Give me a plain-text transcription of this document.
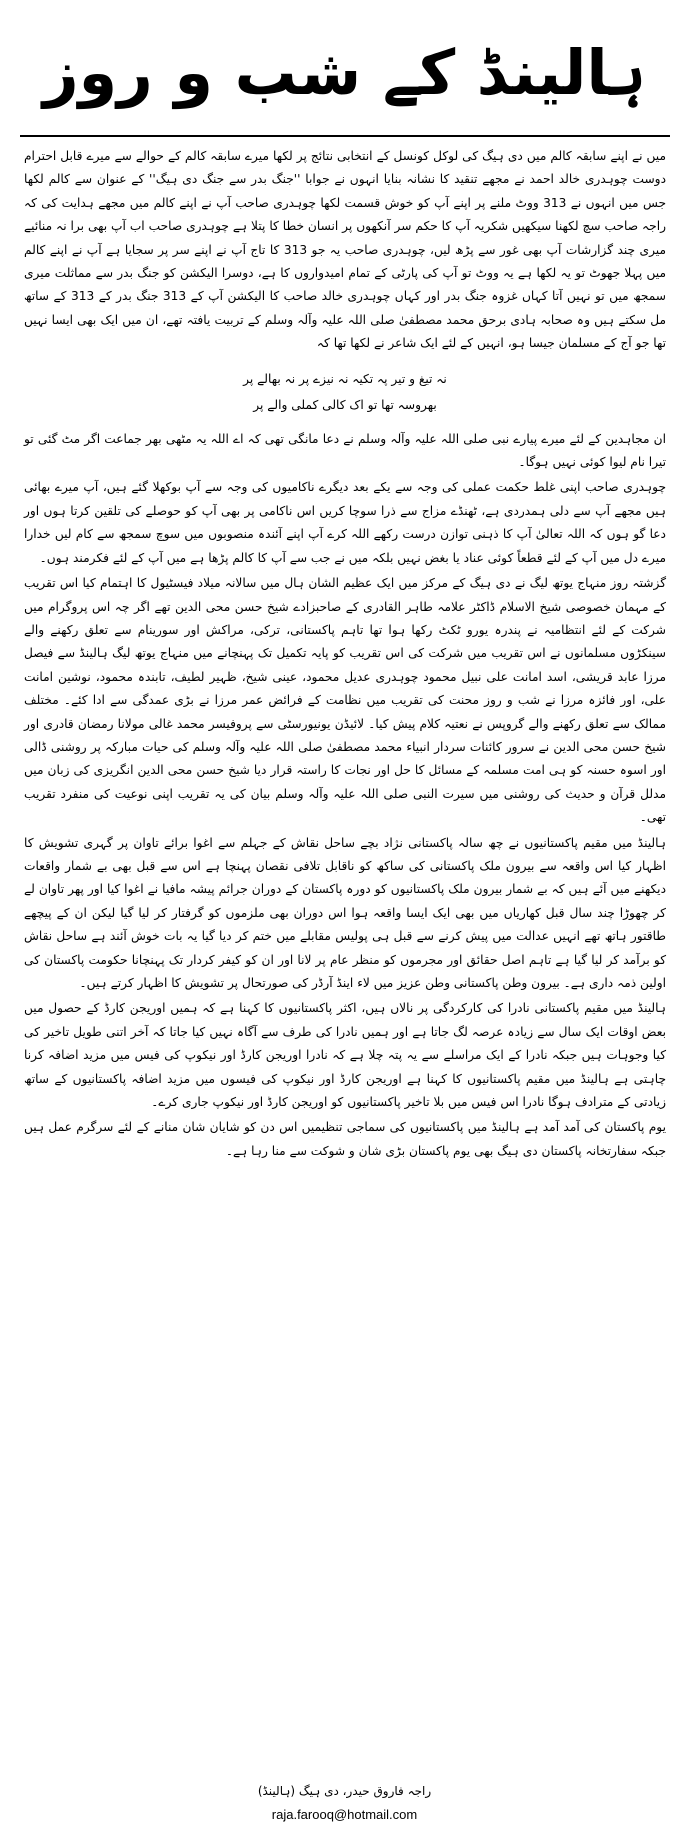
ہالینڈ کے شب و روز

میں نے اپنے سابقہ کالم میں دی ہیگ کی لوکل کونسل کے انتخابی نتائج پر لکھا میرے سابقہ کالم کے حوالے سے میرے قابل احترام دوست چوہدری خالد احمد نے مجھے تنقید کا نشانہ بنایا انہوں نے جوابا ''جنگ بدر سے جنگ دی ہیگ'' کے عنوان سے کالم لکھا جس میں انہوں نے 313 ووٹ ملنے پر اپنے آپ کو خوش قسمت لکھا چوہدری صاحب آپ نے اپنے کالم میں مجھے ہدایت کی کہ راجہ صاحب سچ لکھنا سیکھیں شکریہ آپ کا حکم سر آنکھوں پر انسان خطا کا پتلا ہے چوہدری صاحب اب آپ بھی برا نہ منائیے میری چند گزارشات آپ بھی غور سے پڑھ لیں، چوہدری صاحب یہ جو 313 کا تاج آپ نے اپنے سر پر سجایا ہے آپ نے اپنے کالم میں پہلا جھوٹ تو یہ لکھا ہے یہ ووٹ تو آپ کی پارٹی کے تمام امیدواروں کا ہے، دوسرا الیکشن کو جنگ بدر سے مماثلت میری سمجھ میں تو نہیں آتا کہاں غزوہ جنگ بدر اور کہاں چوہدری خالد صاحب کا الیکشن آپ کے 313 جنگ بدر کے 313 کے ساتھ مل سکتے ہیں وہ صحابہ ہادی برحق محمد مصطفیٰ صلی اللہ علیہ وآلہ وسلم کے تربیت یافتہ تھے، ان میں ایک بھی ایسا نہیں تھا جو آج کے مسلمان جیسا ہو، انہیں کے لئے ایک شاعر نے لکھا تھا کہ

نہ تیغ و تیر پہ تکیہ نہ نیزے پر نہ بھالے پر
بھروسہ تھا تو اک کالی کملی والے پر

ان مجاہدین کے لئے میرے پیارے نبی صلی اللہ علیہ وآلہ وسلم نے دعا مانگی تھی کہ اے اللہ یہ مٹھی بھر جماعت اگر مٹ گئی تو تیرا نام لیوا کوئی نہیں ہوگا۔

چوہدری صاحب اپنی غلط حکمت عملی کی وجہ سے یکے بعد دیگرے ناکامیوں کی وجہ سے آپ بوکھلا گئے ہیں، آپ میرے بھائی ہیں مجھے آپ سے دلی ہمدردی ہے، ٹھنڈے مزاج سے ذرا سوچا کریں اس ناکامی پر بھی آپ کو حوصلے کی تلقین کرتا ہوں اور دعا گو ہوں کہ اللہ تعالیٰ آپ کا ذہنی توازن درست رکھے اللہ کرے آپ اپنے آئندہ منصوبوں میں سوچ سمجھ سے کام لیں خدارا میرے دل میں آپ کے لئے قطعاً کوئی عناد یا بغض نہیں بلکہ میں نے جب سے آپ کا کالم پڑھا ہے میں آپ کے لئے فکرمند ہوں۔

گزشتہ روز منہاج یوتھ لیگ نے دی ہیگ کے مرکز میں ایک عظیم الشان ہال میں سالانہ میلاد فیسٹیول کا اہتمام کیا اس تقریب کے مہمان خصوصی شیخ الاسلام ڈاکٹر علامہ طاہر القادری کے صاحبزادے شیخ حسن محی الدین تھے اگر چہ اس پروگرام میں شرکت کے لئے انتظامیہ نے پندرہ یورو ٹکٹ رکھا ہوا تھا تاہم پاکستانی، ترکی، مراکش اور سورینام سے تعلق رکھنے والے سینکڑوں مسلمانوں نے اس تقریب میں شرکت کی اس تقریب کو پایہ تکمیل تک پہنچانے میں منہاج یوتھ لیگ ہالینڈ سے فیصل مرزا عابد قریشی، اسد امانت علی نبیل محمود چوہدری عدیل محمود، عینی شیخ، ظہیر لطیف، تابندہ محمود، نوشین امانت علی، اور فائزہ مرزا نے شب و روز محنت کی تقریب میں نظامت کے فرائض عمر مرزا نے بڑی عمدگی سے ادا کئے۔ مختلف ممالک سے تعلق رکھنے والے گروپس نے نعتیہ کلام پیش کیا۔ لائیڈن یونیورسٹی سے پروفیسر محمد غالی مولانا رمضان قادری اور شیخ حسن محی الدین نے سرور کائنات سردار انبیاء محمد مصطفیٰ صلی اللہ علیہ وآلہ وسلم کی حیات مبارکہ پر روشنی ڈالی اور اسوہ حسنہ کو ہی امت مسلمہ کے مسائل کا حل اور نجات کا راستہ قرار دیا شیخ حسن محی الدین انگریزی کی زبان میں مدلل قرآن و حدیث کی روشنی میں سیرت النبی صلی اللہ علیہ وآلہ وسلم بیان کی یہ تقریب اپنی نوعیت کی منفرد تقریب تھی۔

ہالینڈ میں مقیم پاکستانیوں نے چھ سالہ پاکستانی نژاد بچے ساحل نقاش کے جہلم سے اغوا برائے تاوان پر گہری تشویش کا اظہار کیا اس واقعہ سے بیرون ملک پاکستانی کی ساکھ کو ناقابل تلافی نقصان پہنچا ہے اس سے قبل بھی بے شمار واقعات دیکھنے میں آئے ہیں کہ بے شمار بیرون ملک پاکستانیوں کو دورہ پاکستان کے دوران جرائم پیشہ مافیا نے اغوا کیا اور پھر تاوان لے کر چھوڑا چند سال قبل کھاریاں میں بھی ایک ایسا واقعہ ہوا اس دوران بھی ملزموں کو گرفتار کر لیا گیا لیکن ان کے پیچھے طاقتور ہاتھ تھے انہیں عدالت میں پیش کرنے سے قبل ہی پولیس مقابلے میں ختم کر دیا گیا یہ بات خوش آئند ہے ساحل نقاش کو برآمد کر لیا گیا ہے تاہم اصل حقائق اور مجرموں کو منظر عام پر لانا اور ان کو کیفر کردار تک پہنچانا حکومت پاکستان کی اولین ذمہ داری ہے۔ بیرون وطن پاکستانی وطن عزیز میں لاء اینڈ آرڈر کی صورتحال پر تشویش کا اظہار کرتے ہیں۔

ہالینڈ میں مقیم پاکستانی نادرا کی کارکردگی پر نالاں ہیں، اکثر پاکستانیوں کا کہنا ہے کہ ہمیں اوریجن کارڈ کے حصول میں بعض اوقات ایک سال سے زیادہ عرصہ لگ جاتا ہے اور ہمیں نادرا کی طرف سے آگاہ نہیں کیا جاتا کہ آخر اتنی طویل تاخیر کی کیا وجوہات ہیں جبکہ نادرا کے ایک مراسلے سے یہ پتہ چلا ہے کہ نادرا اوریجن کارڈ اور نیکوپ کی فیس میں مزید اضافہ کرنا چاہتی ہے ہالینڈ میں مقیم پاکستانیوں کا کہنا ہے اوریجن کارڈ اور نیکوپ کی فیسوں میں مزید اضافہ پاکستانیوں کے ساتھ زیادتی کے مترادف ہوگا نادرا اس فیس میں بلا تاخیر پاکستانیوں کو اوریجن کارڈ اور نیکوپ جاری کرے۔

یوم پاکستان کی آمد آمد ہے ہالینڈ میں پاکستانیوں کی سماجی تنظیمیں اس دن کو شایان شان منانے کے لئے سرگرم عمل ہیں جبکہ سفارتخانہ پاکستان دی ہیگ بھی یوم پاکستان بڑی شان و شوکت سے منا رہا ہے۔

راجہ فاروق حیدر، دی ہیگ (ہالینڈ)
raja.farooq@hotmail.com
